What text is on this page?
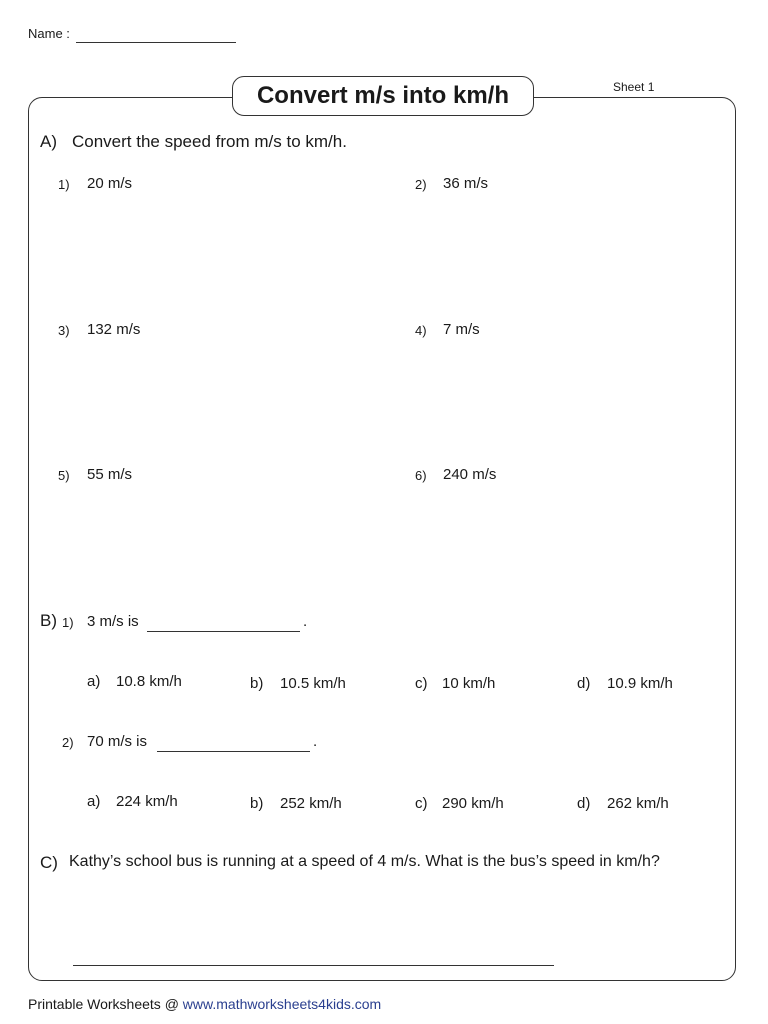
Name :
Convert m/s into km/h	Sheet 1
A) Convert the speed from m/s to km/h.
1) 20 m/s	2) 36 m/s
3) 132 m/s	4) 7 m/s
5) 55 m/s	6) 240 m/s
B) 1) 3 m/s is	.
a) 10.8 km/h	b) 10.5 km/h	c) 10 km/h	d) 10.9 km/h
2) 70 m/s is	.
a) 224 km/h	b) 252 km/h	c) 290 km/h	d) 262 km/h
C) Kathy’s school bus is running at a speed of 4 m/s. What is the bus’s speed in km/h?
Printable Worksheets @ www.mathworksheets4kids.com
